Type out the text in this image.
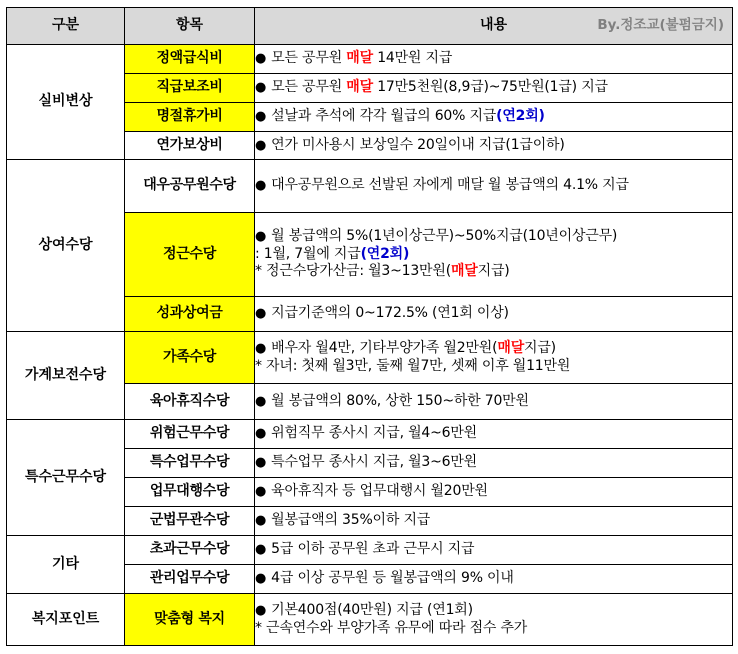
구분	항목	내용 By.정조교(불펌금지)

실비변상	정액급식비	● 모든 공무원 매달 14만원 지급

	직급보조비	● 모든 공무원 매달 17만5천원(8,9급)~75만원(1급) 지급

	명절휴가비	● 설날과 추석에 각각 월급의 60% 지급(연2회)

	연가보상비	● 연가 미사용시 보상일수 20일이내 지급(1급이하)

상여수당	대우공무원수당	● 대우공무원으로 선발된 자에게 매달 월 봉급액의 4.1% 지급

	정근수당	● 월 봉급액의 5%(1년이상근무)~50%지급(10년이상근무)
: 1월, 7월에 지급(연2회)
* 정근수당가산금: 월3~13만원(매달지급)

	성과상여금	● 지급기준액의 0~172.5% (연1회 이상)

가계보전수당	가족수당	● 배우자 월4만, 기타부양가족 월2만원(매달지급)
* 자녀: 첫째 월3만, 둘째 월7만, 셋째 이후 월11만원

	육아휴직수당	● 월 봉급액의 80%, 상한 150~하한 70만원

특수근무수당	위험근무수당	● 위험직무 종사시 지급, 월4~6만원

	특수업무수당	● 특수업무 종사시 지급, 월3~6만원

	업무대행수당	● 육아휴직자 등 업무대행시 월20만원

	군법무관수당	● 월봉급액의 35%이하 지급

기타	초과근무수당	● 5급 이하 공무원 초과 근무시 지급

	관리업무수당	● 4급 이상 공무원 등 월봉급액의 9% 이내

복지포인트	맞춤형 복지	● 기본400점(40만원) 지급 (연1회)
* 근속연수와 부양가족 유무에 따라 점수 추가
